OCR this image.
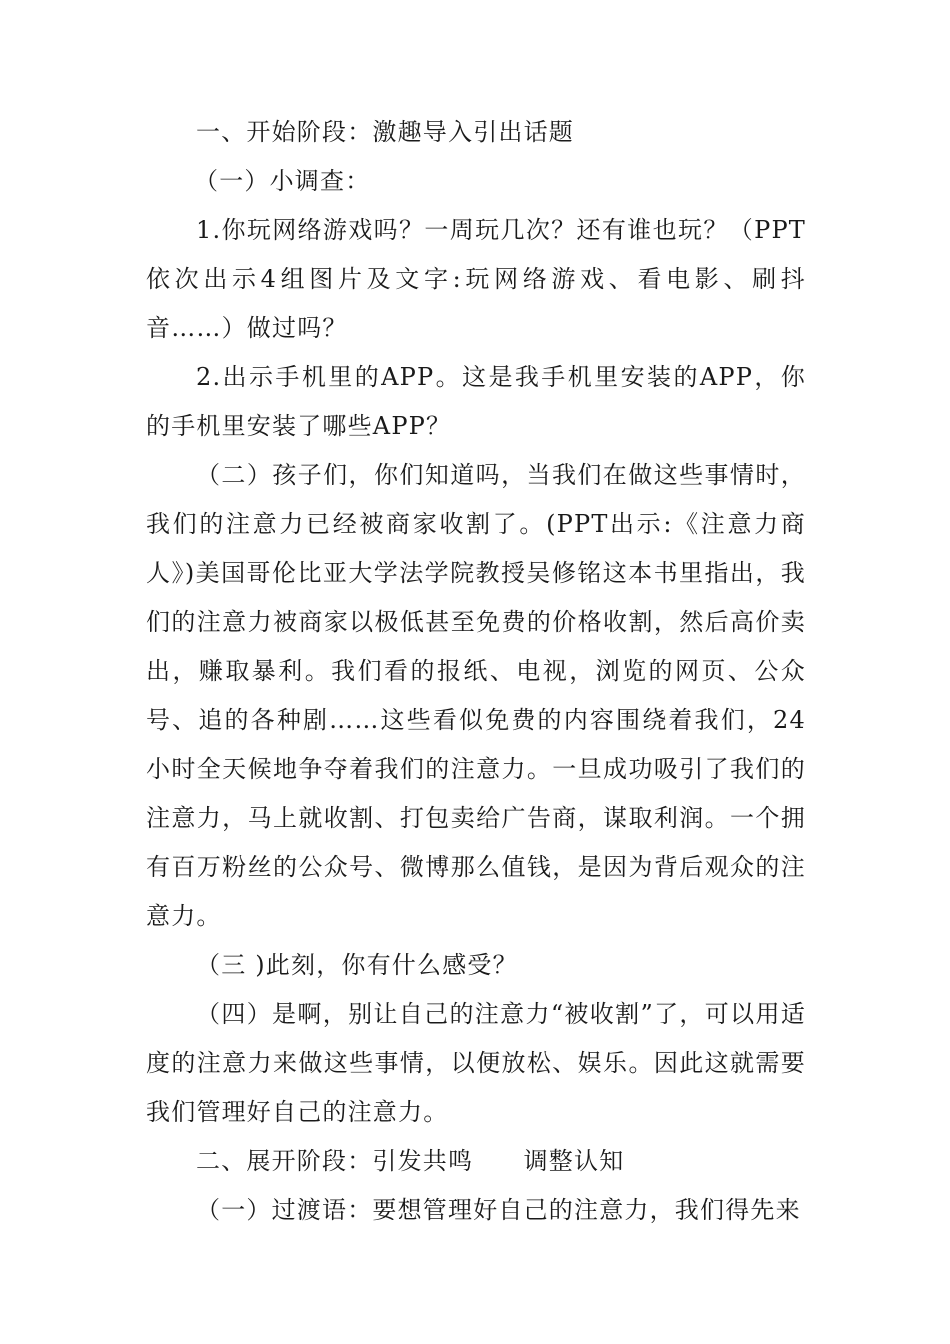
一、开始阶段：激趣导入引出话题

（一）小调查：

1.你玩网络游戏吗？一周玩几次？还有谁也玩？（PPT依次出示4组图片及文字:玩网络游戏、看电影、刷抖音……）做过吗？

2.出示手机里的APP。这是我手机里安装的APP，你的手机里安装了哪些APP？

（二）孩子们，你们知道吗，当我们在做这些事情时，我们的注意力已经被商家收割了。(PPT出示:《注意力商人》)美国哥伦比亚大学法学院教授吴修铭这本书里指出，我们的注意力被商家以极低甚至免费的价格收割，然后高价卖出，赚取暴利。我们看的报纸、电视，浏览的网页、公众号、追的各种剧……这些看似免费的内容围绕着我们，24小时全天候地争夺着我们的注意力。一旦成功吸引了我们的注意力，马上就收割、打包卖给广告商，谋取利润。一个拥有百万粉丝的公众号、微博那么值钱，是因为背后观众的注意力。

（三 )此刻，你有什么感受？

（四）是啊，别让自己的注意力“被收割”了，可以用适度的注意力来做这些事情，以便放松、娱乐。因此这就需要我们管理好自己的注意力。

二、展开阶段：引发共鸣　　调整认知

（一）过渡语：要想管理好自己的注意力，我们得先来
